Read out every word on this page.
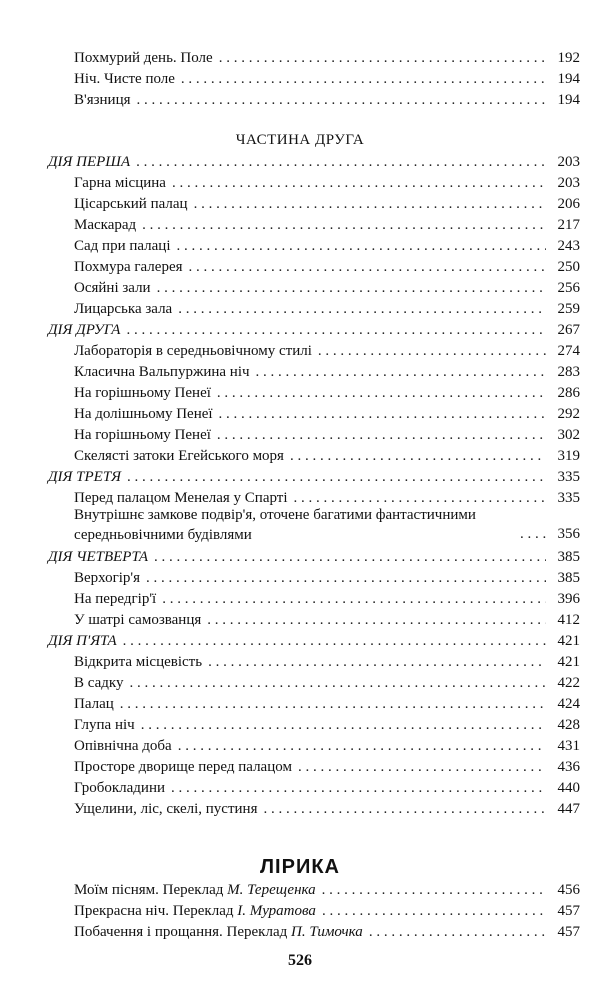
Похмурий день. Поле . . .	192
Ніч. Чисте поле . . .	194
В'язниця . . .	194
ЧАСТИНА ДРУГА
ДІЯ ПЕРША . . .	203
Гарна місцина . . .	203
Цісарський палац . . .	206
Маскарад . . .	217
Сад при палаці . . .	243
Похмура галерея . . .	250
Осяйні зали . . .	256
Лицарська зала . . .	259
ДІЯ ДРУГА . . .	267
Лабораторія в середньовічному стилі . . .	274
Класична Вальпуржина ніч . . .	283
На горішньому Пенеї . . .	286
На долішньому Пенеї . . .	292
На горішньому Пенеї . . .	302
Скелясті затоки Егейського моря . . .	319
ДІЯ ТРЕТЯ . . .	335
Перед палацом Менелая у Спарті . . .	335
Внутрішнє замкове подвір'я, оточене багатими фантастичними середньовічними будівлями . . .	356
ДІЯ ЧЕТВЕРТА . . .	385
Верхогір'я . . .	385
На передгір'ї . . .	396
У шатрі самозванця . . .	412
ДІЯ П'ЯТА . . .	421
Відкрита місцевість . . .	421
В садку . . .	422
Палац . . .	424
Глупа ніч . . .	428
Опівнічна доба . . .	431
Просторе дворище перед палацом . . .	436
Гробокладини . . .	440
Ущелини, ліс, скелі, пустиня . . .	447
ЛІРИКА
Моїм пісням. Переклад М. Терещенка . . .	456
Прекрасна ніч. Переклад І. Муратова . . .	457
Побачення і прощання. Переклад П. Тимочка . . .	457
526
